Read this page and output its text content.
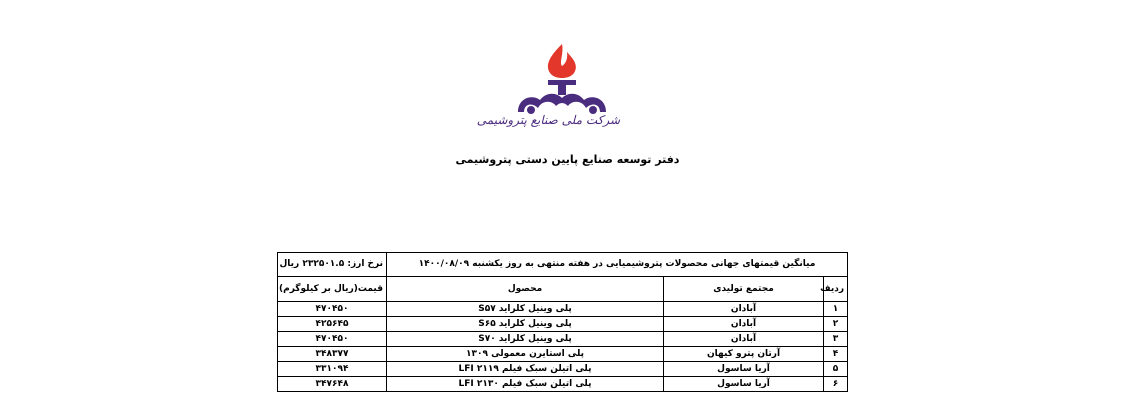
شرکت ملی صنایع پتروشیمی
دفتر توسعه صنایع پایین دستی پتروشیمی
میانگین قیمتهای جهانی محصولات پتروشیمیایی در هفته منتهی به روز یکشنبه ۱۴۰۰/۰۸/۰۹			نرخ ارز: ۲۳۲۵۰۱.۵ ریال
ردیف	مجتمع تولیدی	محصول	قیمت(ریال بر کیلوگرم)
۱	آبادان	پلی وینیل کلراید S۵۷	۴۷۰۴۵۰
۲	آبادان	پلی وینیل کلراید S۶۵	۴۲۵۶۴۵
۳	آبادان	پلی وینیل کلراید S۷۰	۴۷۰۴۵۰
۴	آرتان پترو کیهان	پلی استایرن معمولی ۱۳۰۹	۳۴۸۳۷۷
۵	آریا ساسول	پلی اتیلن سبک فیلم LFI ۲۱۱۹	۳۳۱۰۹۴
۶	آریا ساسول	پلی اتیلن سبک فیلم LFI ۲۱۳۰	۳۴۷۶۴۸
